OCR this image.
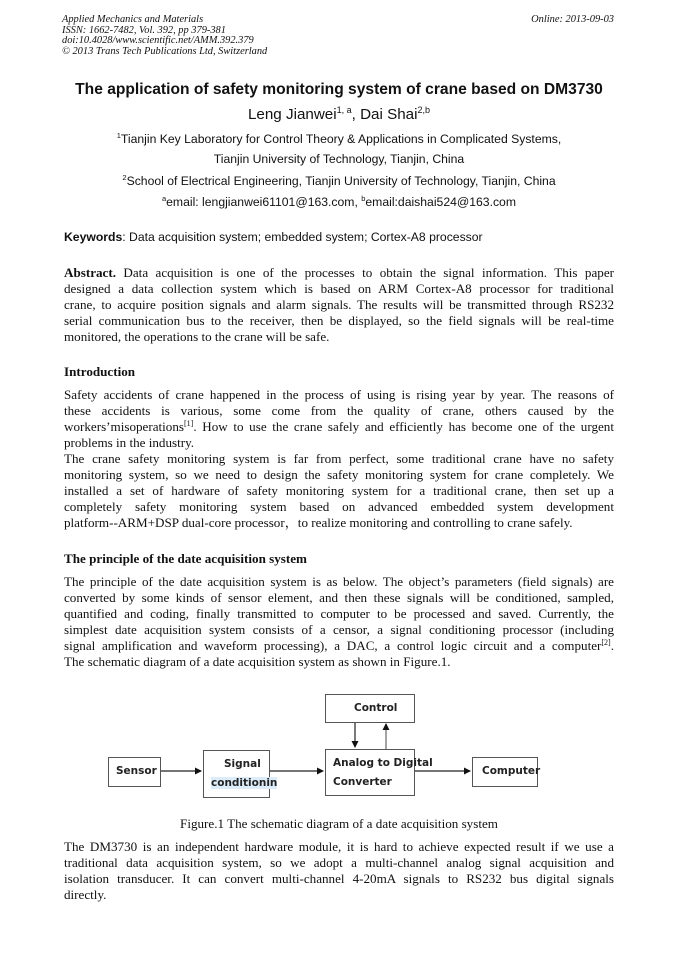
Applied Mechanics and Materials
ISSN: 1662-7482, Vol. 392, pp 379-381
doi:10.4028/www.scientific.net/AMM.392.379
© 2013 Trans Tech Publications Ltd, Switzerland
Online: 2013-09-03
The application of safety monitoring system of crane based on DM3730
Leng Jianwei$^{1, a}$, Dai Shai$^{2,b}$
$^1$Tianjin Key Laboratory for Control Theory & Applications in Complicated Systems,
Tianjin University of Technology, Tianjin, China
$^2$School of Electrical Engineering, Tianjin University of Technology, Tianjin, China
$^a$email: lengjianwei61101@163.com, $^b$email:daishai524@163.com
Keywords: Data acquisition system; embedded system; Cortex-A8 processor
Abstract. Data acquisition is one of the processes to obtain the signal information. This paper
designed a data collection system which is based on ARM Cortex-A8 processor for traditional
crane, to acquire position signals and alarm signals. The results will be transmitted through RS232
serial communication bus to the receiver, then be displayed, so the field signals will be real-time
monitored, the operations to the crane will be safe.
Introduction
Safety accidents of crane happened in the process of using is rising year by year. The reasons of
these accidents is various, some come from the quality of crane, others caused by the
workers’misoperations[1]. How to use the crane safely and efficiently has become one of the urgent
problems in the industry.
The crane safety monitoring system is far from perfect, some traditional crane have no safety
monitoring system, so we need to design the safety monitoring system for crane completely. We
installed a set of hardware of safety monitoring system for a traditional crane, then set up a
completely safety monitoring system based on advanced embedded system development
platform--ARM+DSP dual-core processor，to realize monitoring and controlling to crane safely.
The principle of the date acquisition system
The principle of the date acquisition system is as below. The object’s parameters (field signals) are
converted by some kinds of sensor element, and then these signals will be conditioned, sampled,
quantified and coding, finally transmitted to computer to be processed and saved. Currently, the
simplest date acquisition system consists of a censor, a signal conditioning processor (including
signal amplification and waveform processing), a DAC, a control logic circuit and a computer[2].
The schematic diagram of a date acquisition system as shown in Figure.1.
Sensor
Signal
conditionin
Control
Analog to Digital
Converter
Computer
Figure.1 The schematic diagram of a date acquisition system
The DM3730 is an independent hardware module, it is hard to achieve expected result if we use a
traditional data acquisition system, so we adopt a multi-channel analog signal acquisition and
isolation transducer. It can convert multi-channel 4-20mA signals to RS232 bus digital signals
directly.
